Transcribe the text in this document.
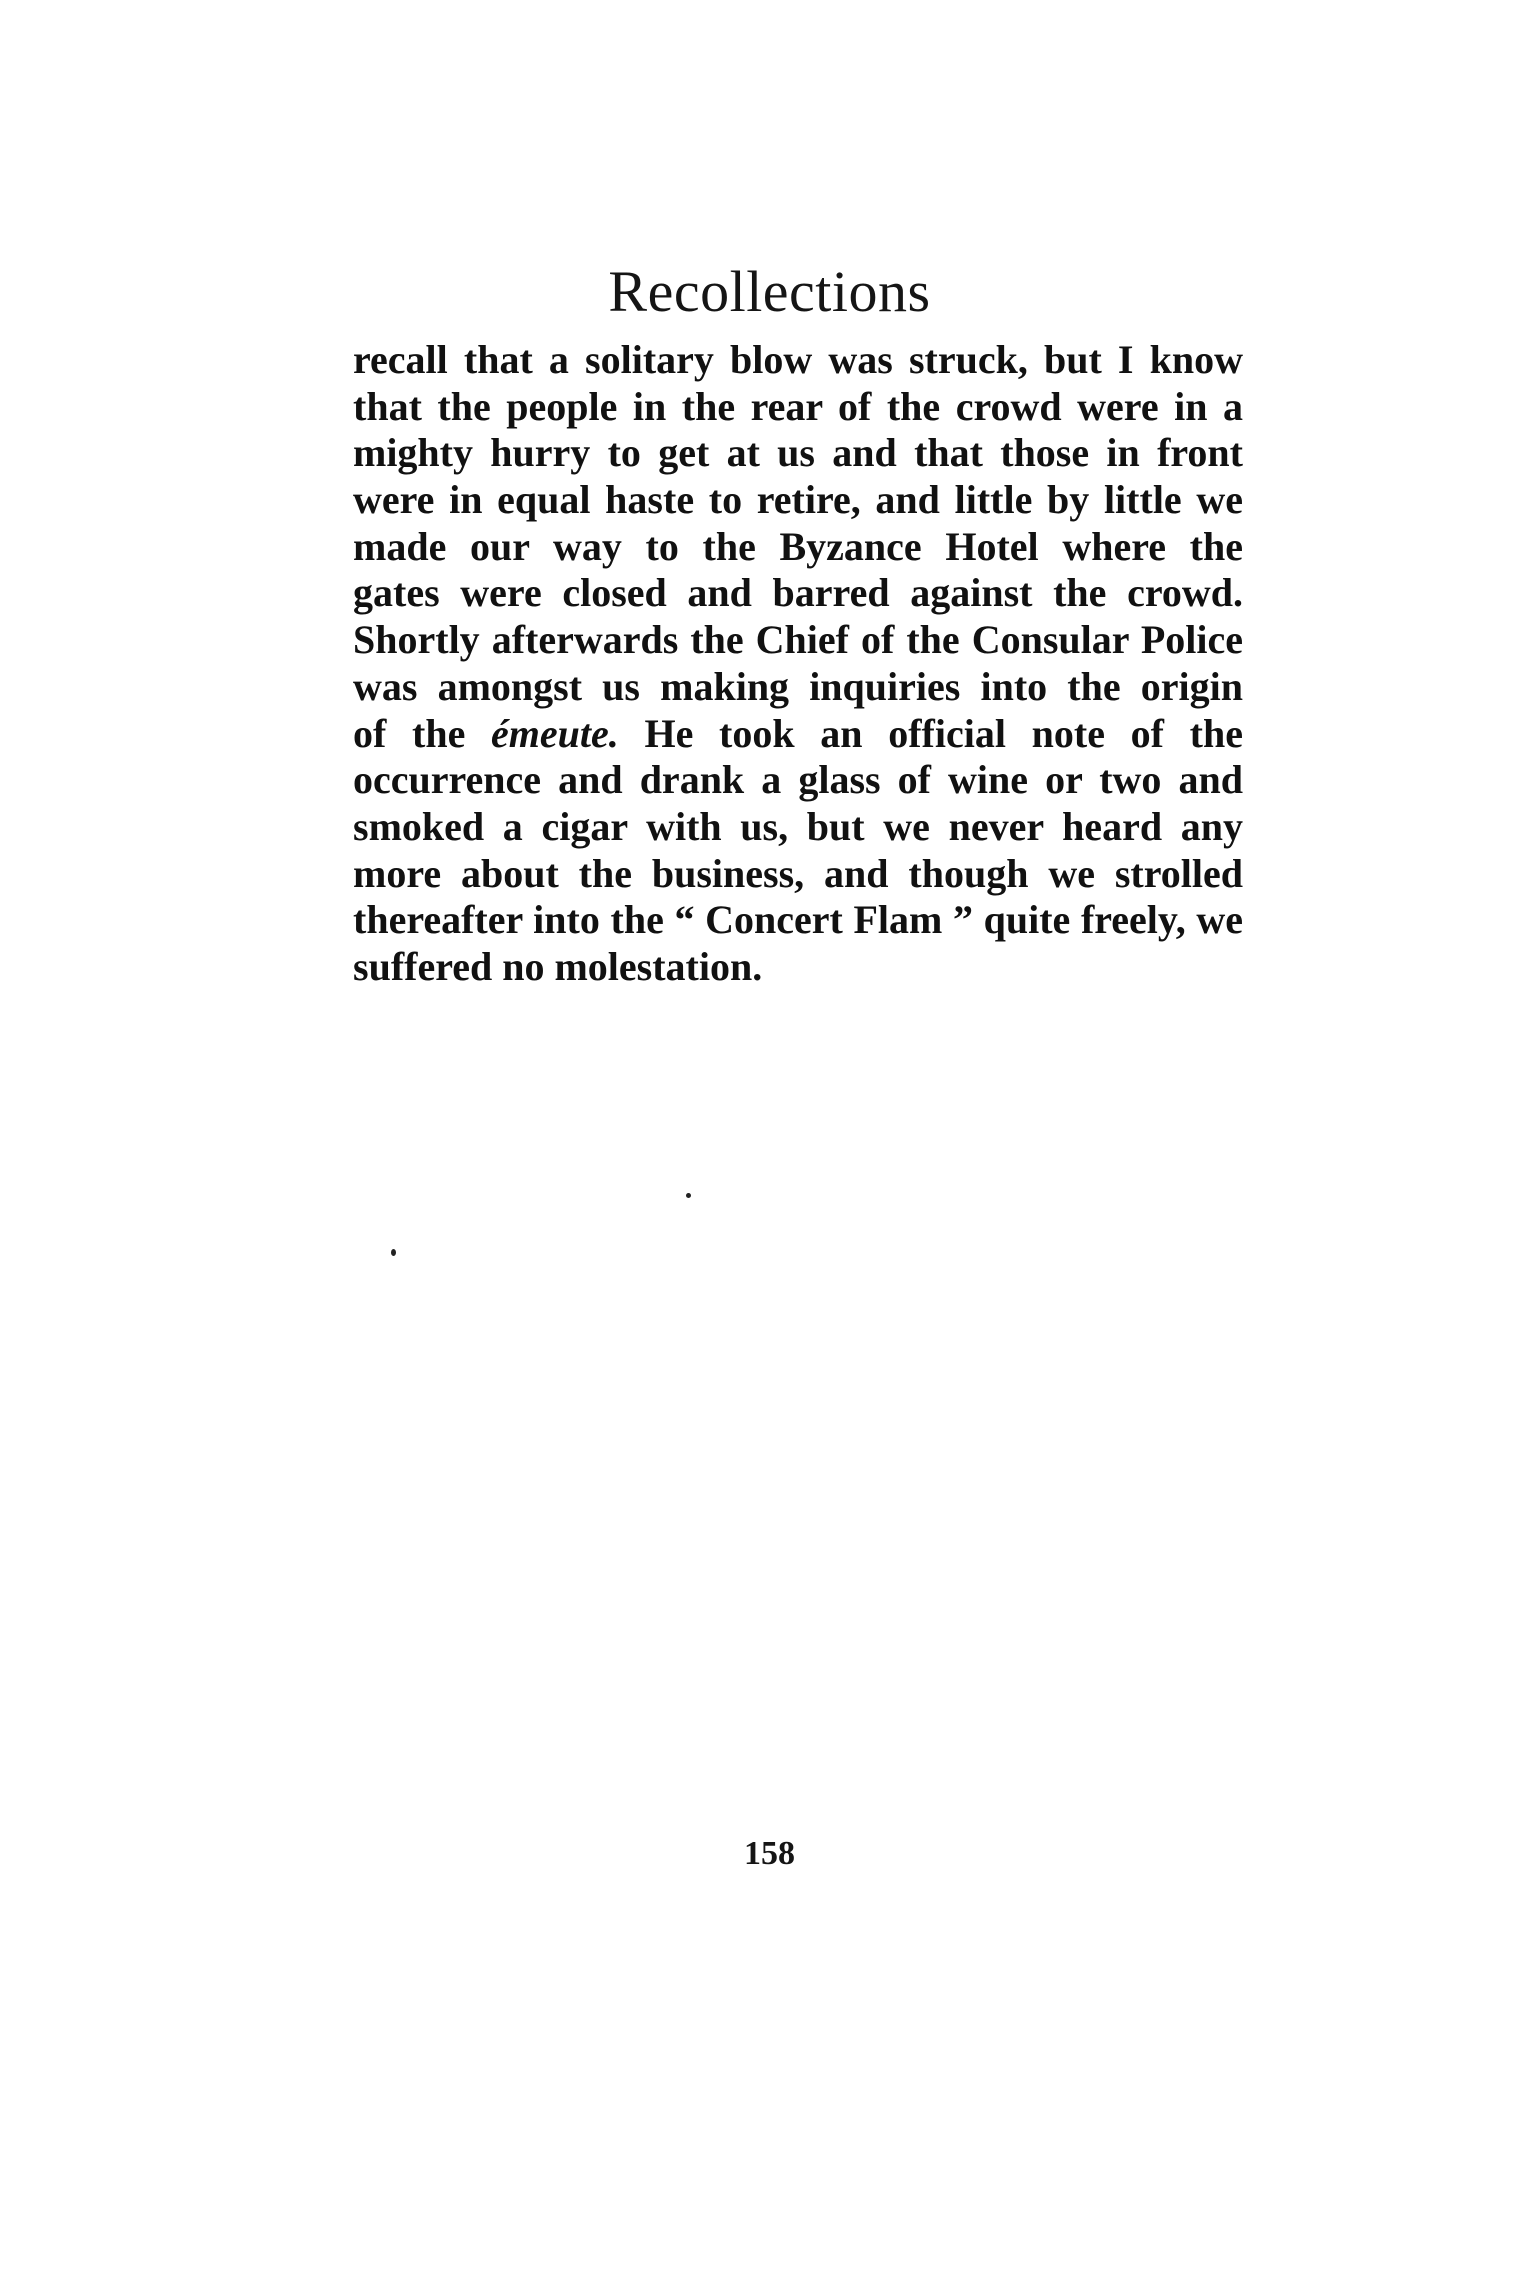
Recollections
recall that a solitary blow was struck, but I know
that the people in the rear of the crowd were in a
mighty hurry to get at us and that those in front
were in equal haste to retire, and little by little we
made our way to the Byzance Hotel where the
gates were closed and barred against the crowd.
Shortly afterwards the Chief of the Consular Police
was amongst us making inquiries into the origin
of the émeute. He took an official note of the
occurrence and drank a glass of wine or two and
smoked a cigar with us, but we never heard any
more about the business, and though we strolled
thereafter into the “ Concert Flam ” quite freely, we
suffered no molestation.
158
